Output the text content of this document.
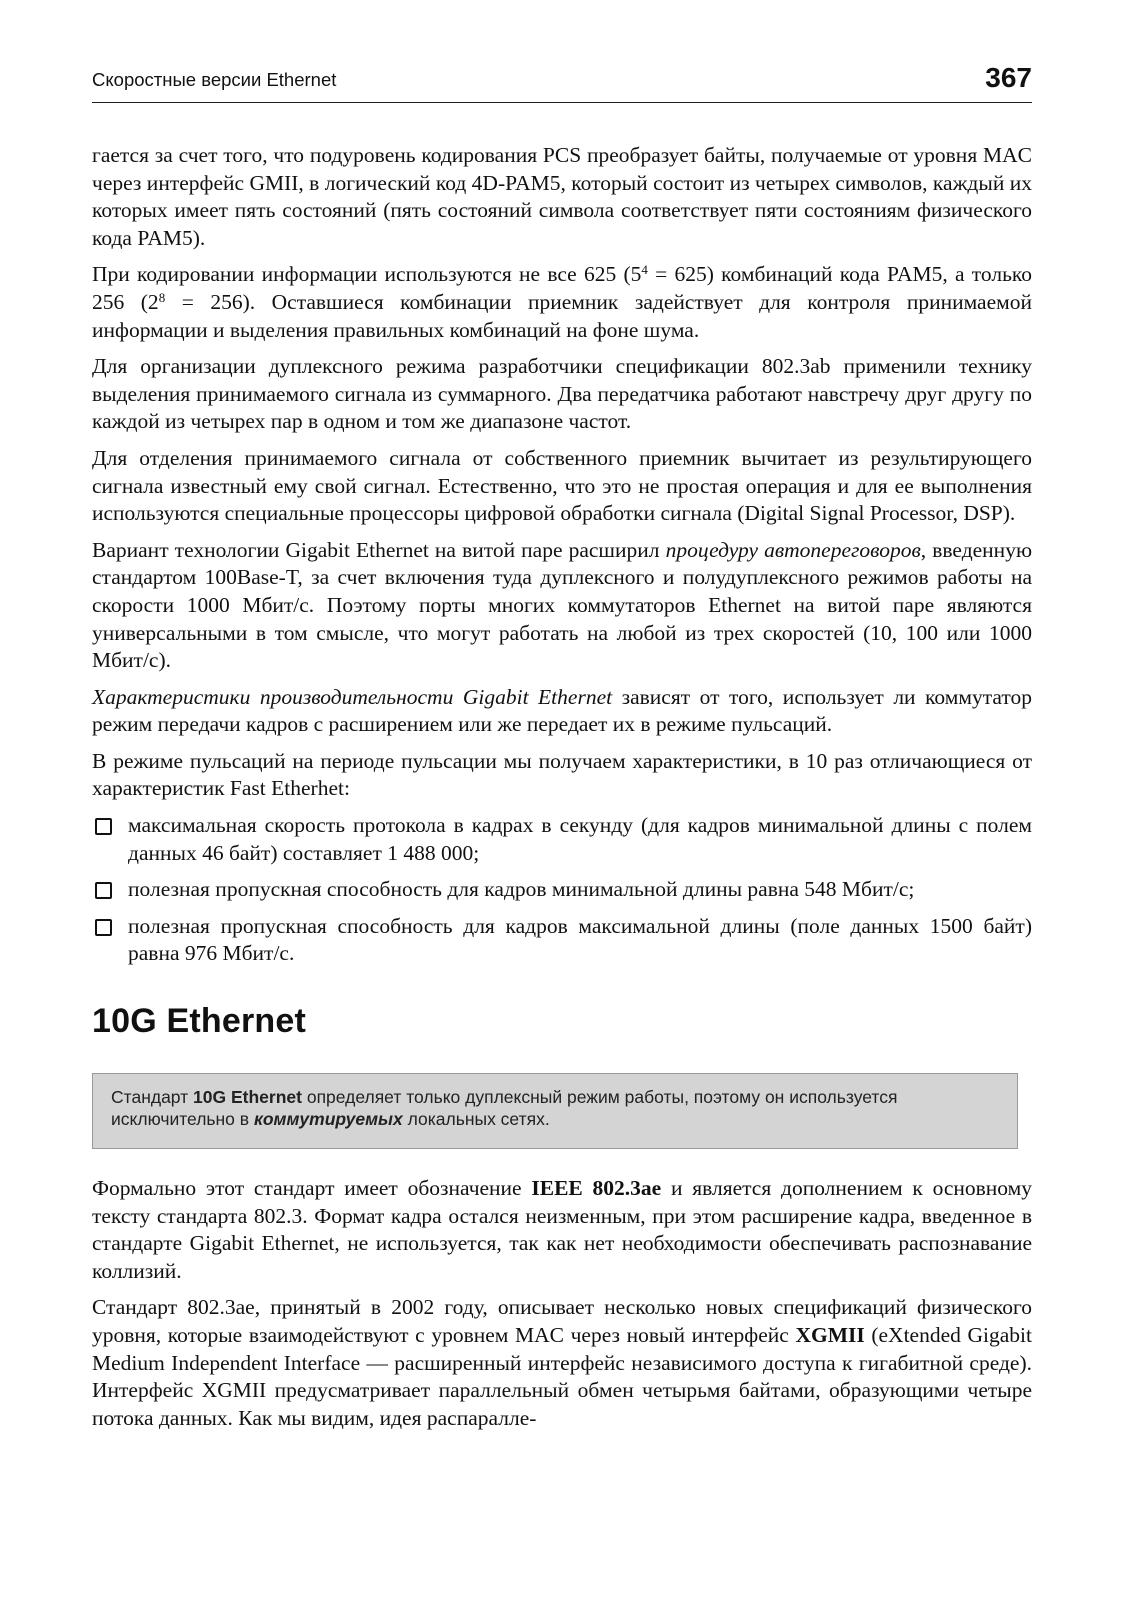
Скоростные версии Ethernet	367

гается за счет того, что подуровень кодирования PCS преобразует байты, получаемые от уровня MAC через интерфейс GMII, в логический код 4D-PAM5, который состоит из четырех символов, каждый их которых имеет пять состояний (пять состояний символа соответствует пяти состояниям физического кода PAM5).

При кодировании информации используются не все 625 $(5^4 = 625)$ комбинаций кода PAM5, а только 256 $(2^8 = 256)$. Оставшиеся комбинации приемник задействует для контроля принимаемой информации и выделения правильных комбинаций на фоне шума.

Для организации дуплексного режима разработчики спецификации 802.3ab применили технику выделения принимаемого сигнала из суммарного. Два передатчика работают навстречу друг другу по каждой из четырех пар в одном и том же диапазоне частот.

Для отделения принимаемого сигнала от собственного приемник вычитает из результирующего сигнала известный ему свой сигнал. Естественно, что это не простая операция и для ее выполнения используются специальные процессоры цифровой обработки сигнала (Digital Signal Processor, DSP).

Вариант технологии Gigabit Ethernet на витой паре расширил процедуру автопереговоров, введенную стандартом 100Base-T, за счет включения туда дуплексного и полудуплексного режимов работы на скорости 1000 Мбит/с. Поэтому порты многих коммутаторов Ethernet на витой паре являются универсальными в том смысле, что могут работать на любой из трех скоростей (10, 100 или 1000 Мбит/с).

Характеристики производительности Gigabit Ethernet зависят от того, использует ли коммутатор режим передачи кадров с расширением или же передает их в режиме пульсаций.

В режиме пульсаций на периоде пульсации мы получаем характеристики, в 10 раз отличающиеся от характеристик Fast Etherhet:

максимальная скорость протокола в кадрах в секунду (для кадров минимальной длины с полем данных 46 байт) составляет 1 488 000;
полезная пропускная способность для кадров минимальной длины равна 548 Мбит/с;
полезная пропускная способность для кадров максимальной длины (поле данных 1500 байт) равна 976 Мбит/с.
10G Ethernet
Стандарт 10G Ethernet определяет только дуплексный режим работы, поэтому он используется исключительно в коммутируемых локальных сетях.

Формально этот стандарт имеет обозначение IEEE 802.3ae и является дополнением к основному тексту стандарта 802.3. Формат кадра остался неизменным, при этом расширение кадра, введенное в стандарте Gigabit Ethernet, не используется, так как нет необходимости обеспечивать распознавание коллизий.

Стандарт 802.3ae, принятый в 2002 году, описывает несколько новых спецификаций физического уровня, которые взаимодействуют с уровнем MAC через новый интерфейс XGMII (eXtended Gigabit Medium Independent Interface — расширенный интерфейс независимого доступа к гигабитной среде). Интерфейс XGMII предусматривает параллельный обмен четырьмя байтами, образующими четыре потока данных. Как мы видим, идея распаралле-
